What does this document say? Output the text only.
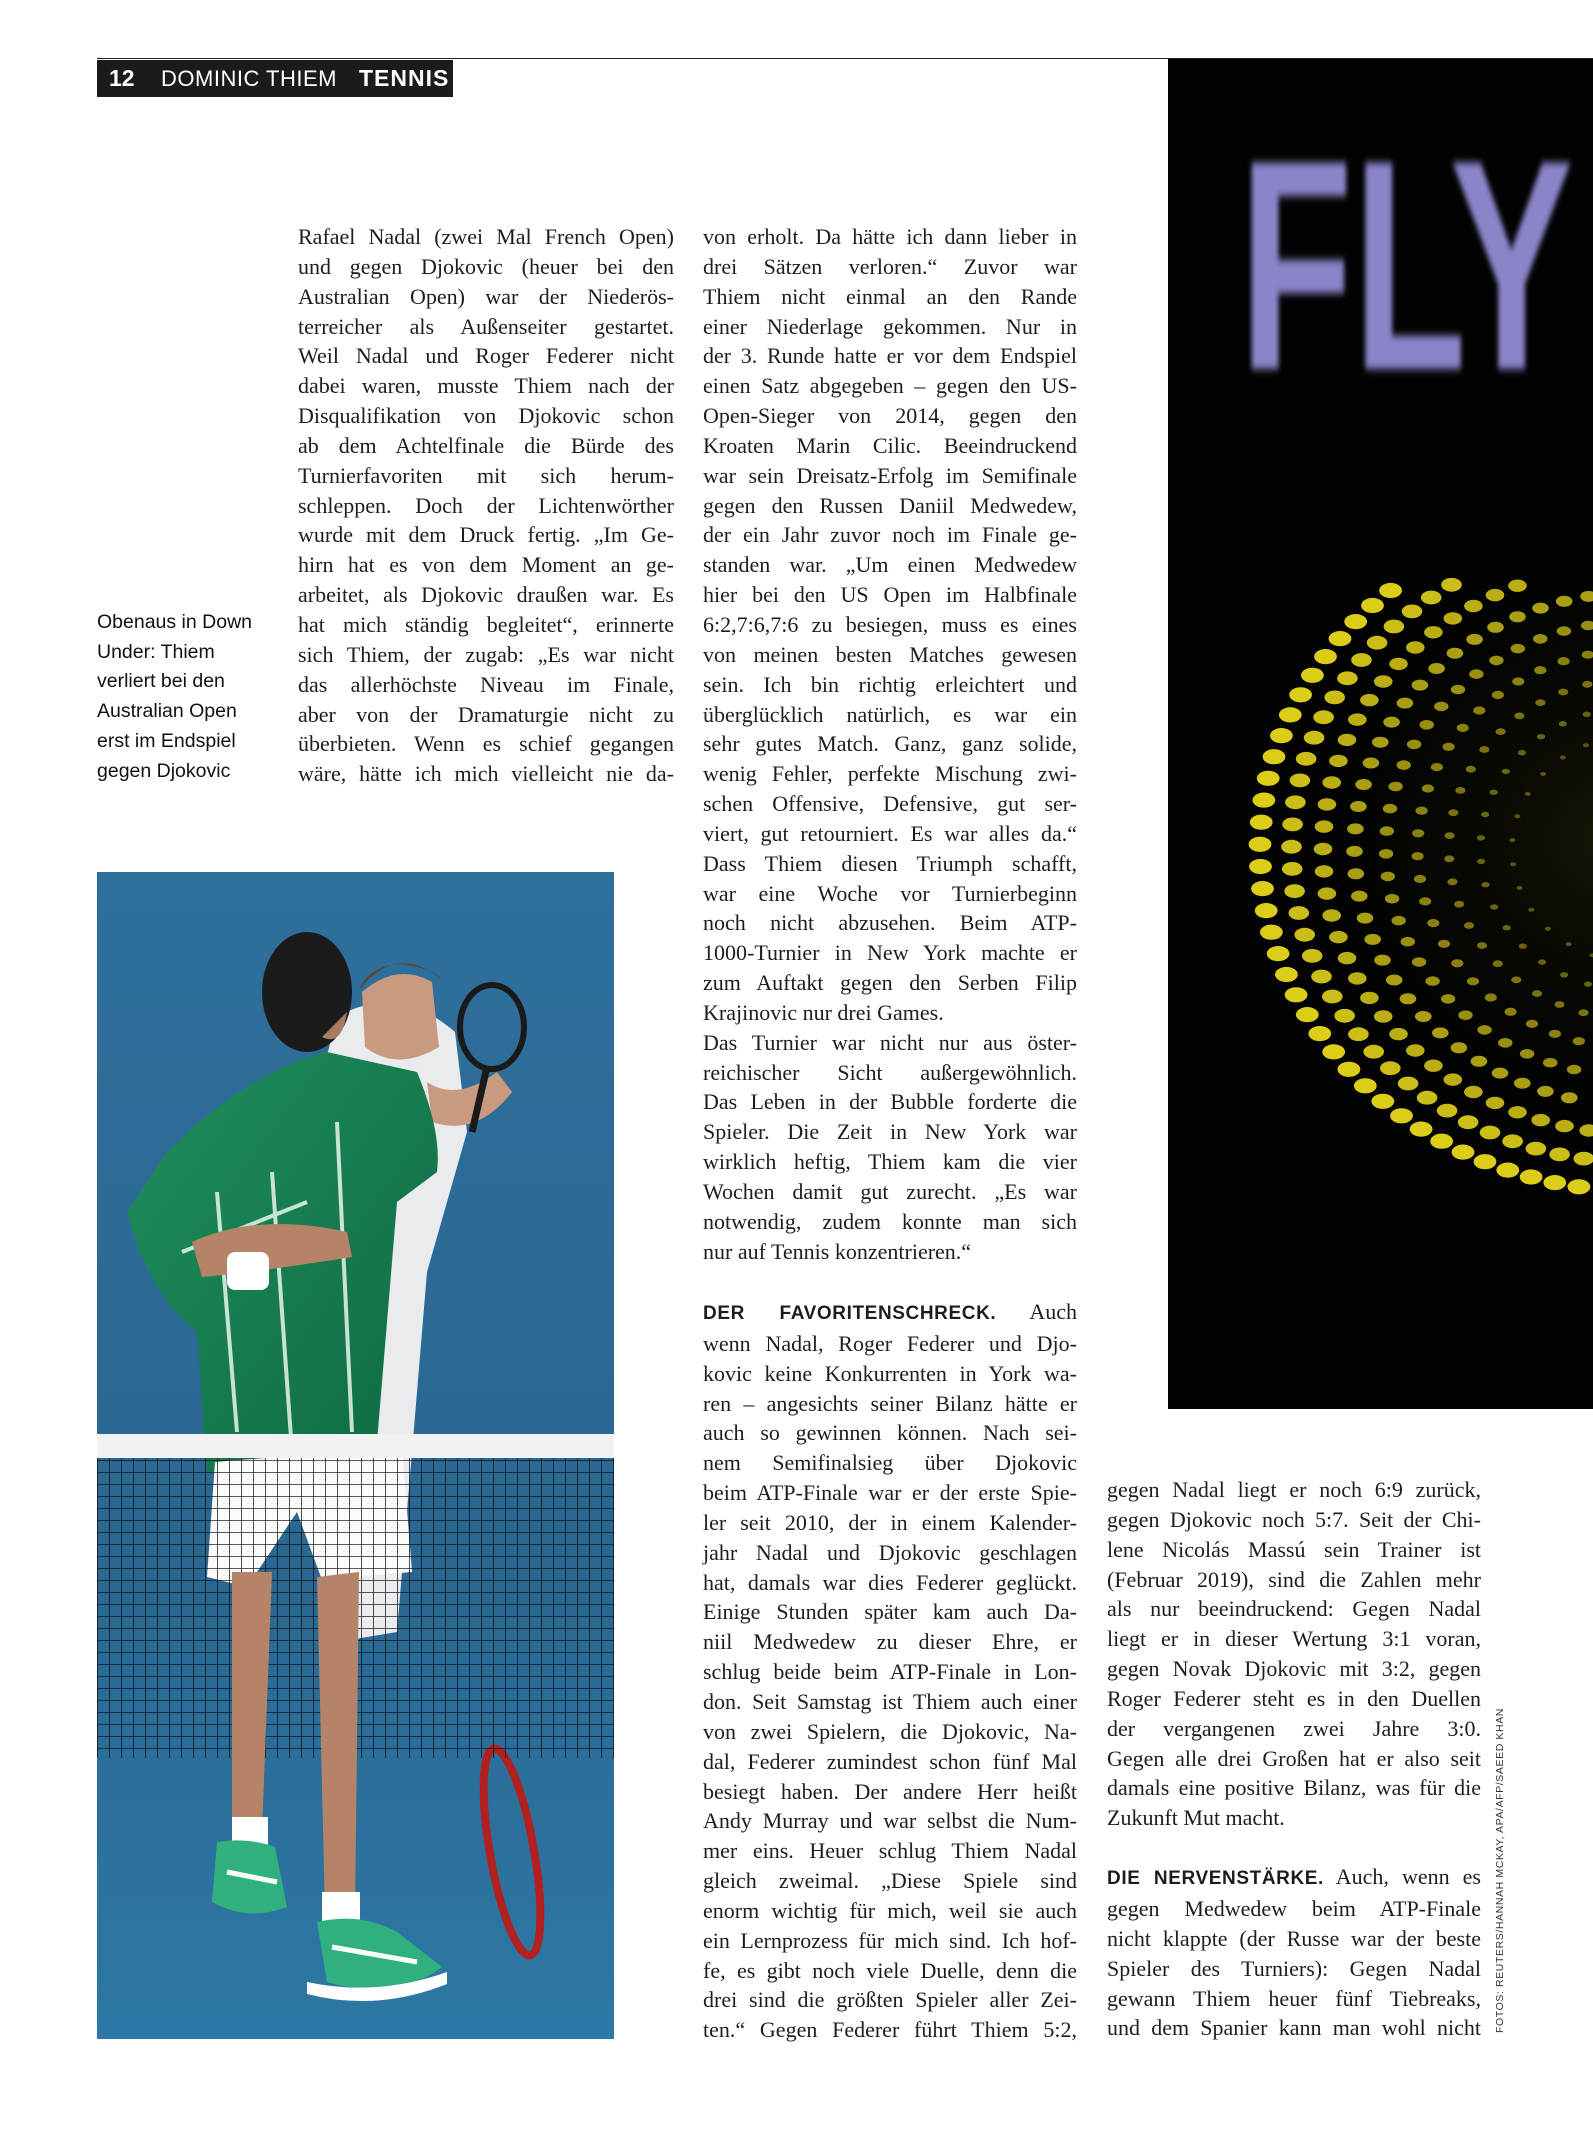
12	DOMINIC THIEM TENNIS
Obenaus in Down
Under: Thiem
verliert bei den
Australian Open
erst im Endspiel
gegen Djokovic
Rafael Nadal (zwei Mal French Open)
und gegen Djokovic (heuer bei den
Australian Open) war der Niederös-
terreicher als Außenseiter gestartet.
Weil Nadal und Roger Federer nicht
dabei waren, musste Thiem nach der
Disqualifikation von Djokovic schon
ab dem Achtelfinale die Bürde des
Turnierfavoriten mit sich herum-
schleppen. Doch der Lichtenwörther
wurde mit dem Druck fertig. „Im Ge-
hirn hat es von dem Moment an ge-
arbeitet, als Djokovic draußen war. Es
hat mich ständig begleitet“, erinnerte
sich Thiem, der zugab: „Es war nicht
das allerhöchste Niveau im Finale,
aber von der Dramaturgie nicht zu
überbieten. Wenn es schief gegangen
wäre, hätte ich mich vielleicht nie da-
von erholt. Da hätte ich dann lieber in
drei Sätzen verloren.“ Zuvor war
Thiem nicht einmal an den Rande
einer Niederlage gekommen. Nur in
der 3. Runde hatte er vor dem Endspiel
einen Satz abgegeben – gegen den US-
Open-Sieger von 2014, gegen den
Kroaten Marin Cilic. Beeindruckend
war sein Dreisatz-Erfolg im Semifinale
gegen den Russen Daniil Medwedew,
der ein Jahr zuvor noch im Finale ge-
standen war. „Um einen Medwedew
hier bei den US Open im Halbfinale
6:2,7:6,7:6 zu besiegen, muss es eines
von meinen besten Matches gewesen
sein. Ich bin richtig erleichtert und
überglücklich natürlich, es war ein
sehr gutes Match. Ganz, ganz solide,
wenig Fehler, perfekte Mischung zwi-
schen Offensive, Defensive, gut ser-
viert, gut retourniert. Es war alles da.“
Dass Thiem diesen Triumph schafft,
war eine Woche vor Turnierbeginn
noch nicht abzusehen. Beim ATP-
1000-Turnier in New York machte er
zum Auftakt gegen den Serben Filip
Krajinovic nur drei Games.
Das Turnier war nicht nur aus öster-
reichischer Sicht außergewöhnlich.
Das Leben in der Bubble forderte die
Spieler. Die Zeit in New York war
wirklich heftig, Thiem kam die vier
Wochen damit gut zurecht. „Es war
notwendig, zudem konnte man sich
nur auf Tennis konzentrieren.“
DER FAVORITENSCHRECK. Auch
wenn Nadal, Roger Federer und Djo-
kovic keine Konkurrenten in York wa-
ren – angesichts seiner Bilanz hätte er
auch so gewinnen können. Nach sei-
nem Semifinalsieg über Djokovic
beim ATP-Finale war er der erste Spie-
ler seit 2010, der in einem Kalender-
jahr Nadal und Djokovic geschlagen
hat, damals war dies Federer geglückt.
Einige Stunden später kam auch Da-
niil Medwedew zu dieser Ehre, er
schlug beide beim ATP-Finale in Lon-
don. Seit Samstag ist Thiem auch einer
von zwei Spielern, die Djokovic, Na-
dal, Federer zumindest schon fünf Mal
besiegt haben. Der andere Herr heißt
Andy Murray und war selbst die Num-
mer eins. Heuer schlug Thiem Nadal
gleich zweimal. „Diese Spiele sind
enorm wichtig für mich, weil sie auch
ein Lernprozess für mich sind. Ich hof-
fe, es gibt noch viele Duelle, denn die
drei sind die größten Spieler aller Zei-
ten.“ Gegen Federer führt Thiem 5:2,

gegen Nadal liegt er noch 6:9 zurück,
gegen Djokovic noch 5:7. Seit der Chi-
lene Nicolás Massú sein Trainer ist
(Februar 2019), sind die Zahlen mehr
als nur beeindruckend: Gegen Nadal
liegt er in dieser Wertung 3:1 voran,
gegen Novak Djokovic mit 3:2, gegen
Roger Federer steht es in den Duellen
der vergangenen zwei Jahre 3:0.
Gegen alle drei Großen hat er also seit
damals eine positive Bilanz, was für die
Zukunft Mut macht.

DIE NERVENSTÄRKE. Auch, wenn es
gegen Medwedew beim ATP-Finale
nicht klappte (der Russe war der beste
Spieler des Turniers): Gegen Nadal
gewann Thiem heuer fünf Tiebreaks,
und dem Spanier kann man wohl nicht

FLY
FOTOS: REUTERS/HANNAH MCKAY, APA/AFP/SAEED KHAN
